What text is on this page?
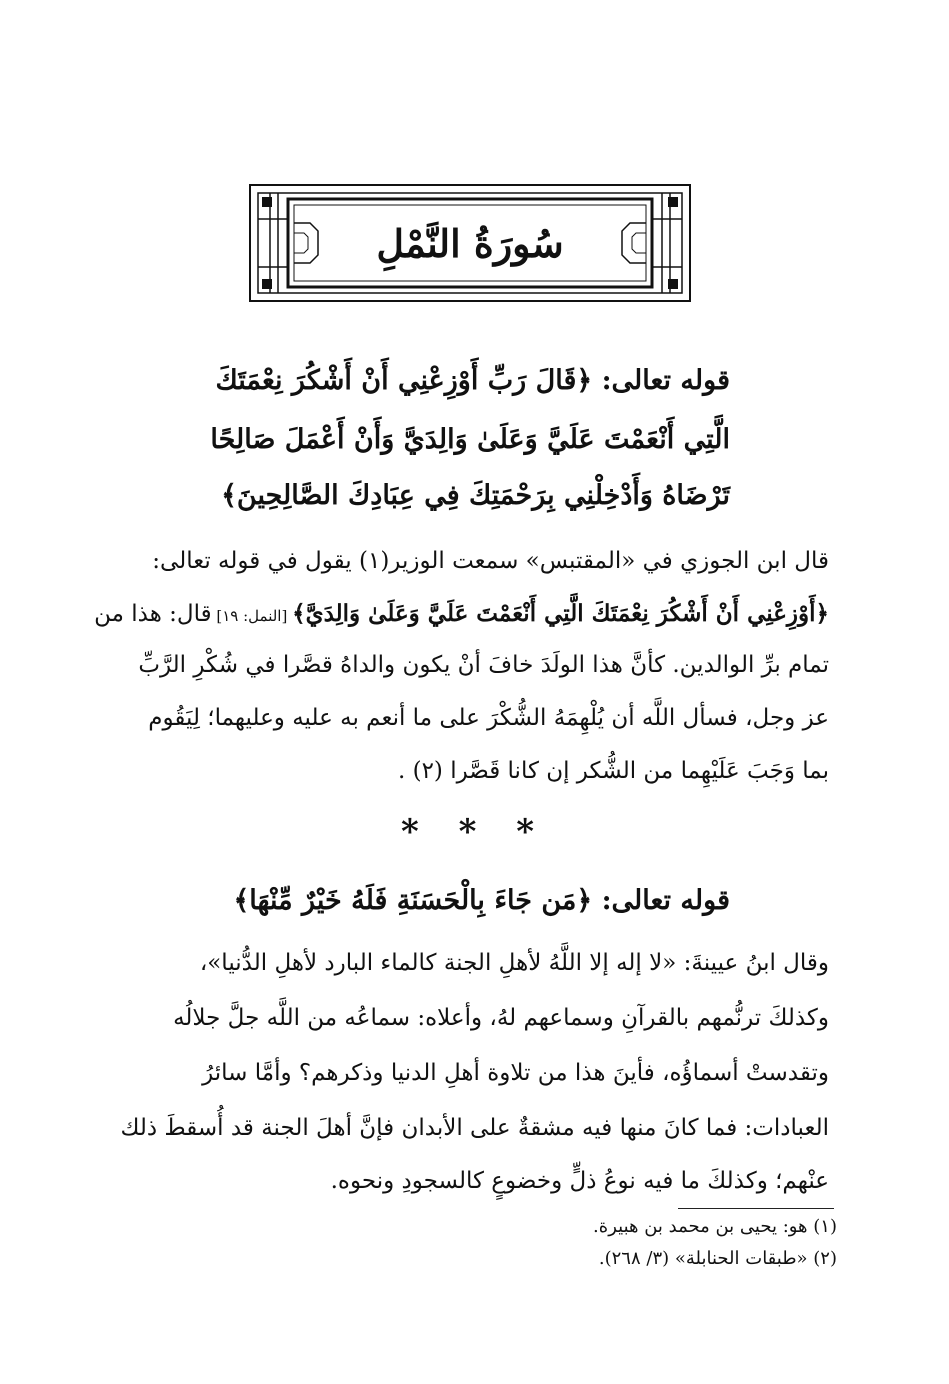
سُورَةُ النَّمْلِ
قوله تعالى: ﴿قَالَ رَبِّ أَوْزِعْنِي أَنْ أَشْكُرَ نِعْمَتَكَ
الَّتِي أَنْعَمْتَ عَلَيَّ وَعَلَىٰ وَالِدَيَّ وَأَنْ أَعْمَلَ صَالِحًا
تَرْضَاهُ وَأَدْخِلْنِي بِرَحْمَتِكَ فِي عِبَادِكَ الصَّالِحِينَ﴾
قال ابن الجوزي في «المقتبس» سمعت الوزير(١) يقول في قوله تعالى:
﴿أَوْزِعْنِي أَنْ أَشْكُرَ نِعْمَتَكَ الَّتِي أَنْعَمْتَ عَلَيَّ وَعَلَىٰ وَالِدَيَّ﴾ [النمل: ١٩] قال: هذا من
تمام برِّ الوالدين. كأنَّ هذا الولَدَ خافَ أنْ يكون والداهُ قصَّرا في شُكْرِ الرَّبِّ
عز وجل، فسأل اللَّه أن يُلْهِمَهُ الشُّكْرَ على ما أنعم به عليه وعليهما؛ لِيَقُوم
بما وَجَبَ عَلَيْهِما من الشُّكر إن كانا قَصَّرا (٢) .
* * *
قوله تعالى: ﴿مَن جَاءَ بِالْحَسَنَةِ فَلَهُ خَيْرٌ مِّنْهَا﴾
وقال ابنُ عيينةَ: «لا إله إلا اللَّهُ لأهلِ الجنة كالماء البارد لأهلِ الدُّنيا»،
وكذلكَ ترنُّمهم بالقرآنِ وسماعهم لهُ، وأعلاه: سماعُه من اللَّه جلَّ جلالُه
وتقدستْ أسماؤُه، فأينَ هذا من تلاوة أهلِ الدنيا وذكرهم؟ وأمَّا سائرُ
العبادات: فما كانَ منها فيه مشقةٌ على الأبدان فإنَّ أهلَ الجنة قد أُسقطَ ذلك
عنْهم؛ وكذلكَ ما فيه نوعُ ذلٍّ وخضوعٍ كالسجودِ ونحوه.
(١) هو: يحيى بن محمد بن هبيرة.
(٢) «طبقات الحنابلة» (٣/ ٢٦٨).
